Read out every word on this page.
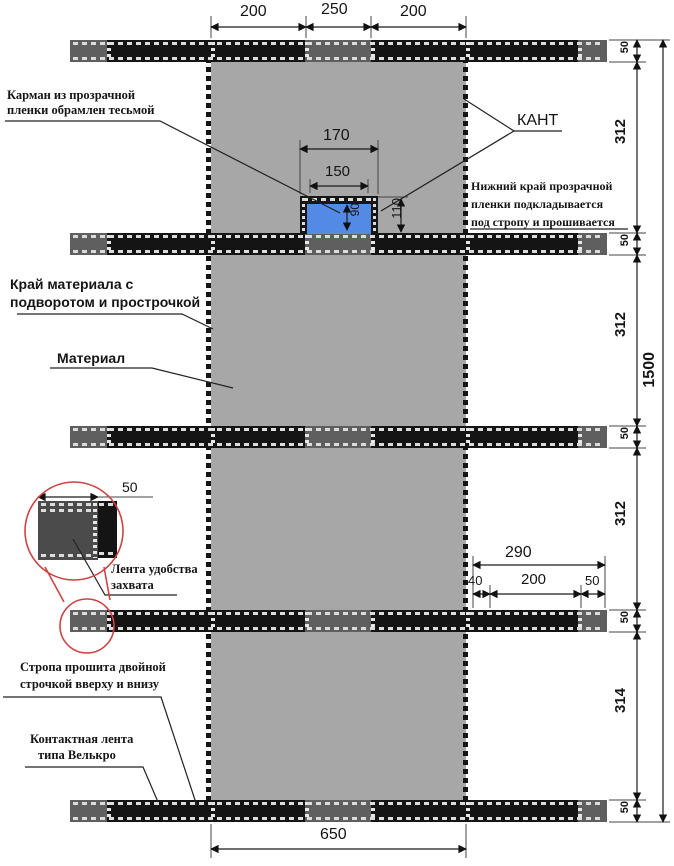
200	250	200
170
150
90 110
50
312
50
312
50
312
50
314
50
1500
290
40	200	50
650
50
Карман из прозрачной
пленки обрамлен тесьмой
КАНТ
Нижний край прозрачной
пленки подкладывается
под стропу и прошивается
Край материала с
подворотом и прострочкой
Материал
Лента удобства
захвата
Стропа прошита двойной
строчкой вверху и внизу
Контактная лента
типа Велькро
